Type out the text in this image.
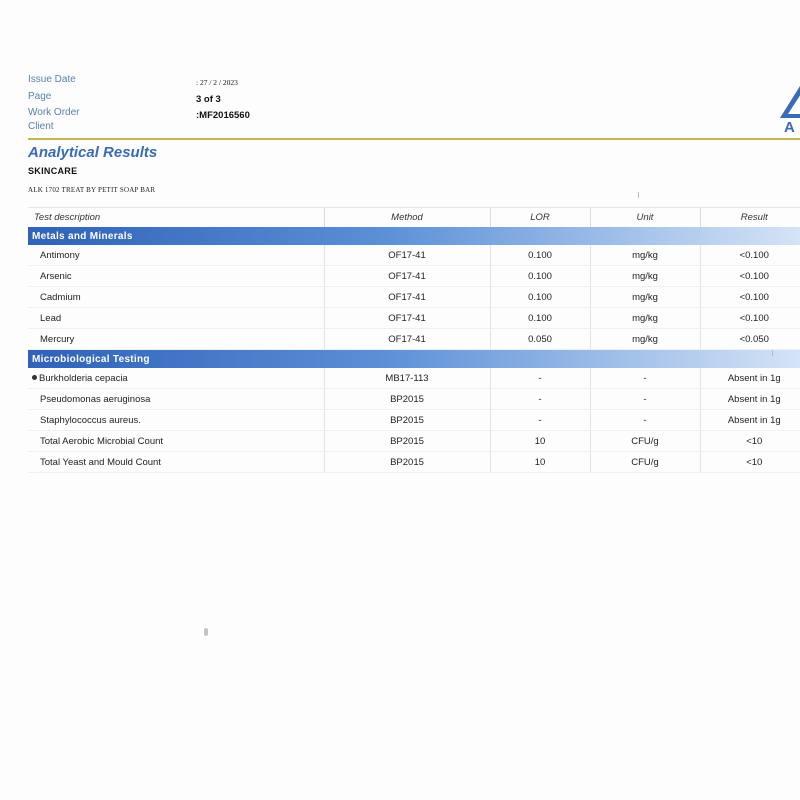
Issue Date	: 27 / 2 / 2023
Page	3 of 3
Work Order	:MF2016560
Client	A
Analytical Results
SKINCARE
ALK 1702 TREAT BY PETIT SOAP BAR
Test description	Method	LOR	Unit	Result
Metals and Minerals				
Antimony	OF17-41	0.100	mg/kg	<0.100
Arsenic	OF17-41	0.100	mg/kg	<0.100
Cadmium	OF17-41	0.100	mg/kg	<0.100
Lead	OF17-41	0.100	mg/kg	<0.100
Mercury	OF17-41	0.050	mg/kg	<0.050
Microbiological Testing				
Burkholderia cepacia	MB17-113	-	-	Absent in 1g
Pseudomonas aeruginosa	BP2015	-	-	Absent in 1g
Staphylococcus aureus.	BP2015	-	-	Absent in 1g
Total Aerobic Microbial Count	BP2015	10	CFU/g	<10
Total Yeast and Mould Count	BP2015	10	CFU/g	<10
